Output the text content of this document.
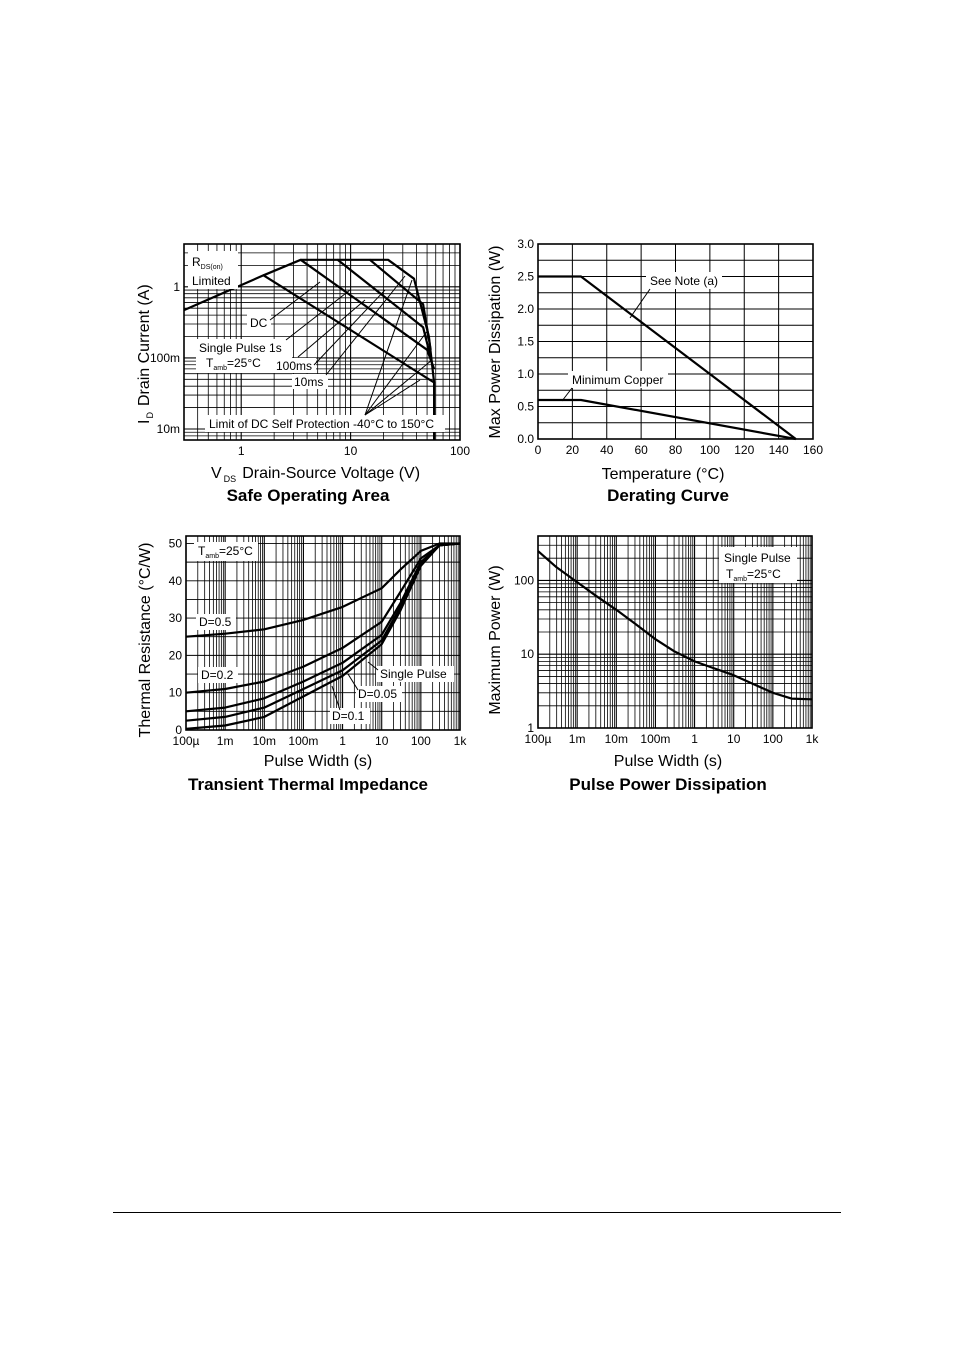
1	10	100
10m
100m
1
$R_{DS(on)}$
Limited
DC
Single Pulse 1s
$T_{amb}=25^\circ C$ 100ms
10ms
Limit of DC Self Protection -40°C to 150°C
V $_{DS}$ Drain-Source Voltage (V)
$I_DDrain$ Current (A)
Safe Operating Area
0 20 40 60 80 100 120 140 160
0.0
0.5
1.0
1.5
2.0
2.5
3.0
See Note (a)
Minimum Copper
Temperature (°C)
Max Power Dissipation (W)
Derating Curve
100µ 1m 10m 100m 1 10 100 1k
0
10
20
30
40
50
$T_{amb}=25^\circ C$
D=0.5
D=0.2	Single Pulse
D=0.05
D=0.1
Pulse Width (s)
Thermal Resistance (°C/W)
Transient Thermal Impedance
100µ 1m 10m 100m 1 10 100 1k
1
10
100
Single Pulse
$T_{amb}=25^\circ C$
Pulse Width (s)
Maximum Power (W)
Pulse Power Dissipation
